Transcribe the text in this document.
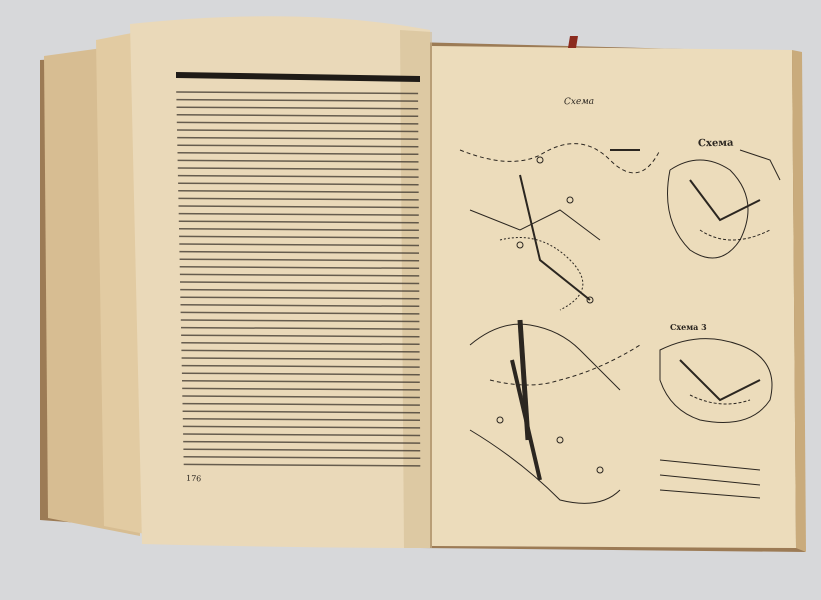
176
Схема
Схема
Схема 3
